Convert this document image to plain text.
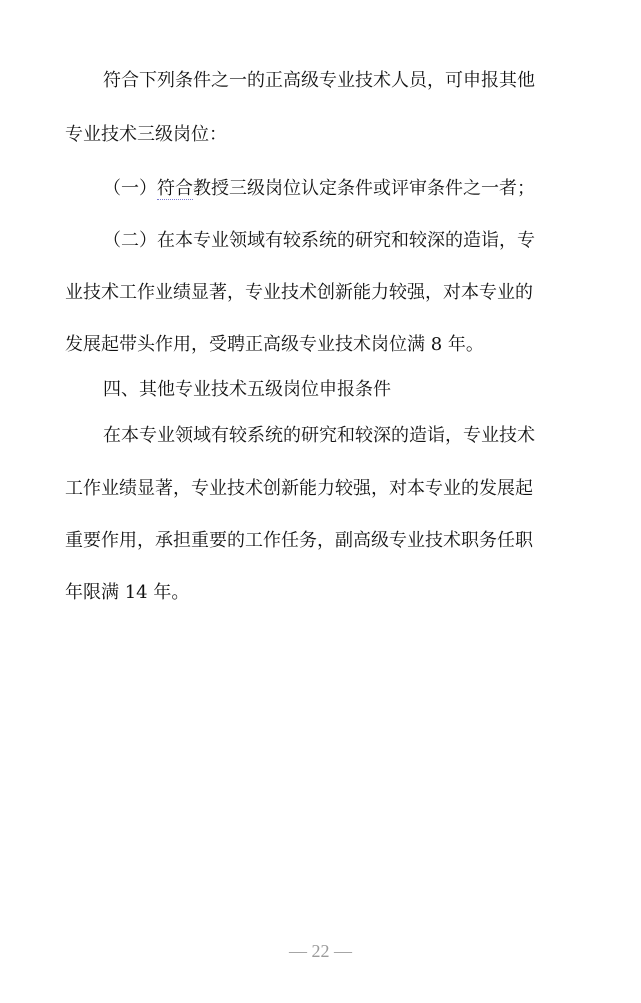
符合下列条件之一的正高级专业技术人员，可申报其他
专业技术三级岗位：
（一）符合教授三级岗位认定条件或评审条件之一者；
（二）在本专业领域有较系统的研究和较深的造诣，专
业技术工作业绩显著，专业技术创新能力较强，对本专业的
发展起带头作用，受聘正高级专业技术岗位满 8 年。
四、其他专业技术五级岗位申报条件
在本专业领域有较系统的研究和较深的造诣，专业技术
工作业绩显著，专业技术创新能力较强，对本专业的发展起
重要作用，承担重要的工作任务，副高级专业技术职务任职
年限满 14 年。
— 22 —
